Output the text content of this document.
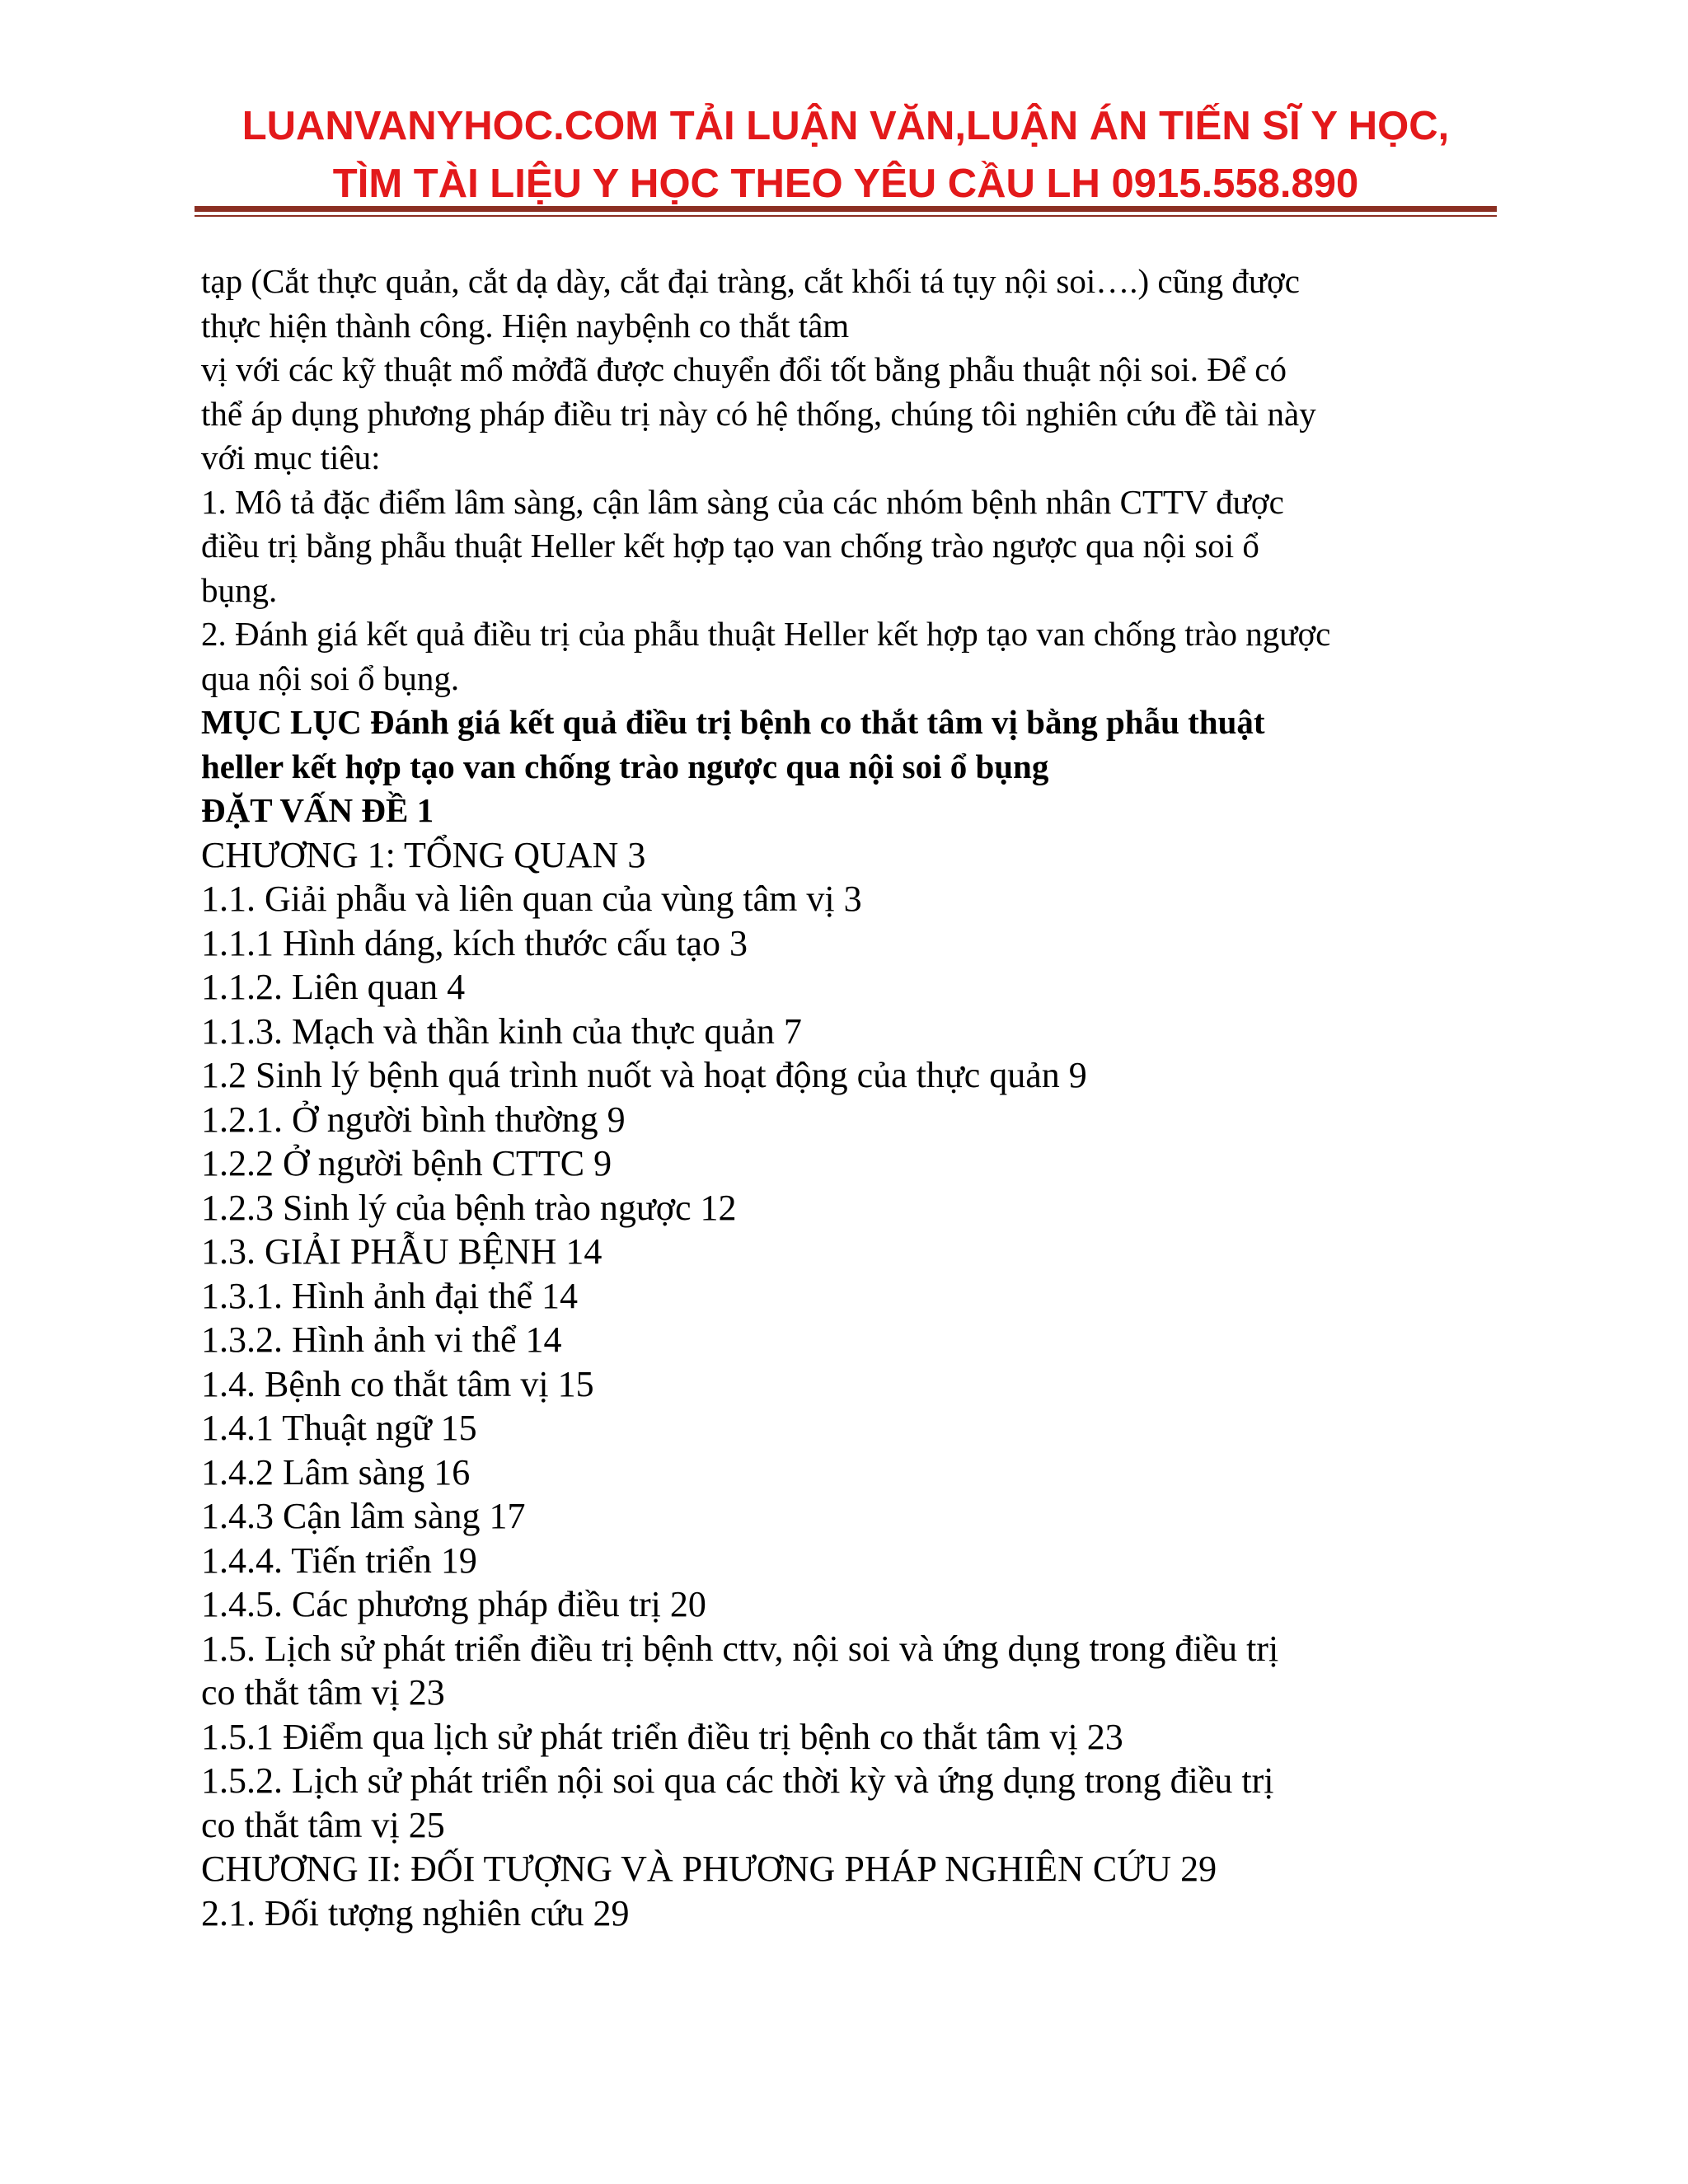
LUANVANYHOC.COM TẢI LUẬN VĂN,LUẬN ÁN TIẾN SĨ Y HỌC,
TÌM TÀI LIỆU Y HỌC THEO YÊU CẦU LH 0915.558.890
tạp (Cắt thực quản, cắt dạ dày, cắt đại tràng, cắt khối tá tụy nội soi….) cũng được
thực hiện thành công. Hiện naybệnh co thắt tâm
vị với các kỹ thuật mổ mởđã được chuyển đổi tốt bằng phẫu thuật nội soi. Để có
thể áp dụng phương pháp điều trị này có hệ thống, chúng tôi nghiên cứu đề tài này
với mục tiêu:
1. Mô tả đặc điểm lâm sàng, cận lâm sàng của các nhóm bệnh nhân CTTV được
điều trị bằng phẫu thuật Heller kết hợp tạo van chống trào ngược qua nội soi ổ
bụng.
2. Đánh giá kết quả điều trị của phẫu thuật Heller kết hợp tạo van chống trào ngược
qua nội soi ổ bụng.
MỤC LỤC Đánh giá kết quả điều trị bệnh co thắt tâm vị bằng phẫu thuật
heller kết hợp tạo van chống trào ngược qua nội soi ổ bụng
ĐẶT VẤN ĐỀ 1
CHƯƠNG 1: TỔNG QUAN 3
1.1. Giải phẫu và liên quan của vùng tâm vị 3
1.1.1 Hình dáng, kích thước cấu tạo 3
1.1.2. Liên quan 4
1.1.3. Mạch và thần kinh của thực quản 7
1.2 Sinh lý bệnh quá trình nuốt và hoạt động của thực quản 9
1.2.1. Ở người bình thường 9
1.2.2 Ở người bệnh CTTC 9
1.2.3 Sinh lý của bệnh trào ngược 12
1.3. GIẢI PHẪU BỆNH 14
1.3.1. Hình ảnh đại thể 14
1.3.2. Hình ảnh vi thể 14
1.4. Bệnh co thắt tâm vị 15
1.4.1 Thuật ngữ 15
1.4.2 Lâm sàng 16
1.4.3 Cận lâm sàng 17
1.4.4. Tiến triển 19
1.4.5. Các phương pháp điều trị 20
1.5. Lịch sử phát triển điều trị bệnh cttv, nội soi và ứng dụng trong điều trị
co thắt tâm vị 23
1.5.1 Điểm qua lịch sử phát triển điều trị bệnh co thắt tâm vị 23
1.5.2. Lịch sử phát triển nội soi qua các thời kỳ và ứng dụng trong điều trị
co thắt tâm vị 25
CHƯƠNG II: ĐỐI TƯỢNG VÀ PHƯƠNG PHÁP NGHIÊN CỨU 29
2.1. Đối tượng nghiên cứu 29
